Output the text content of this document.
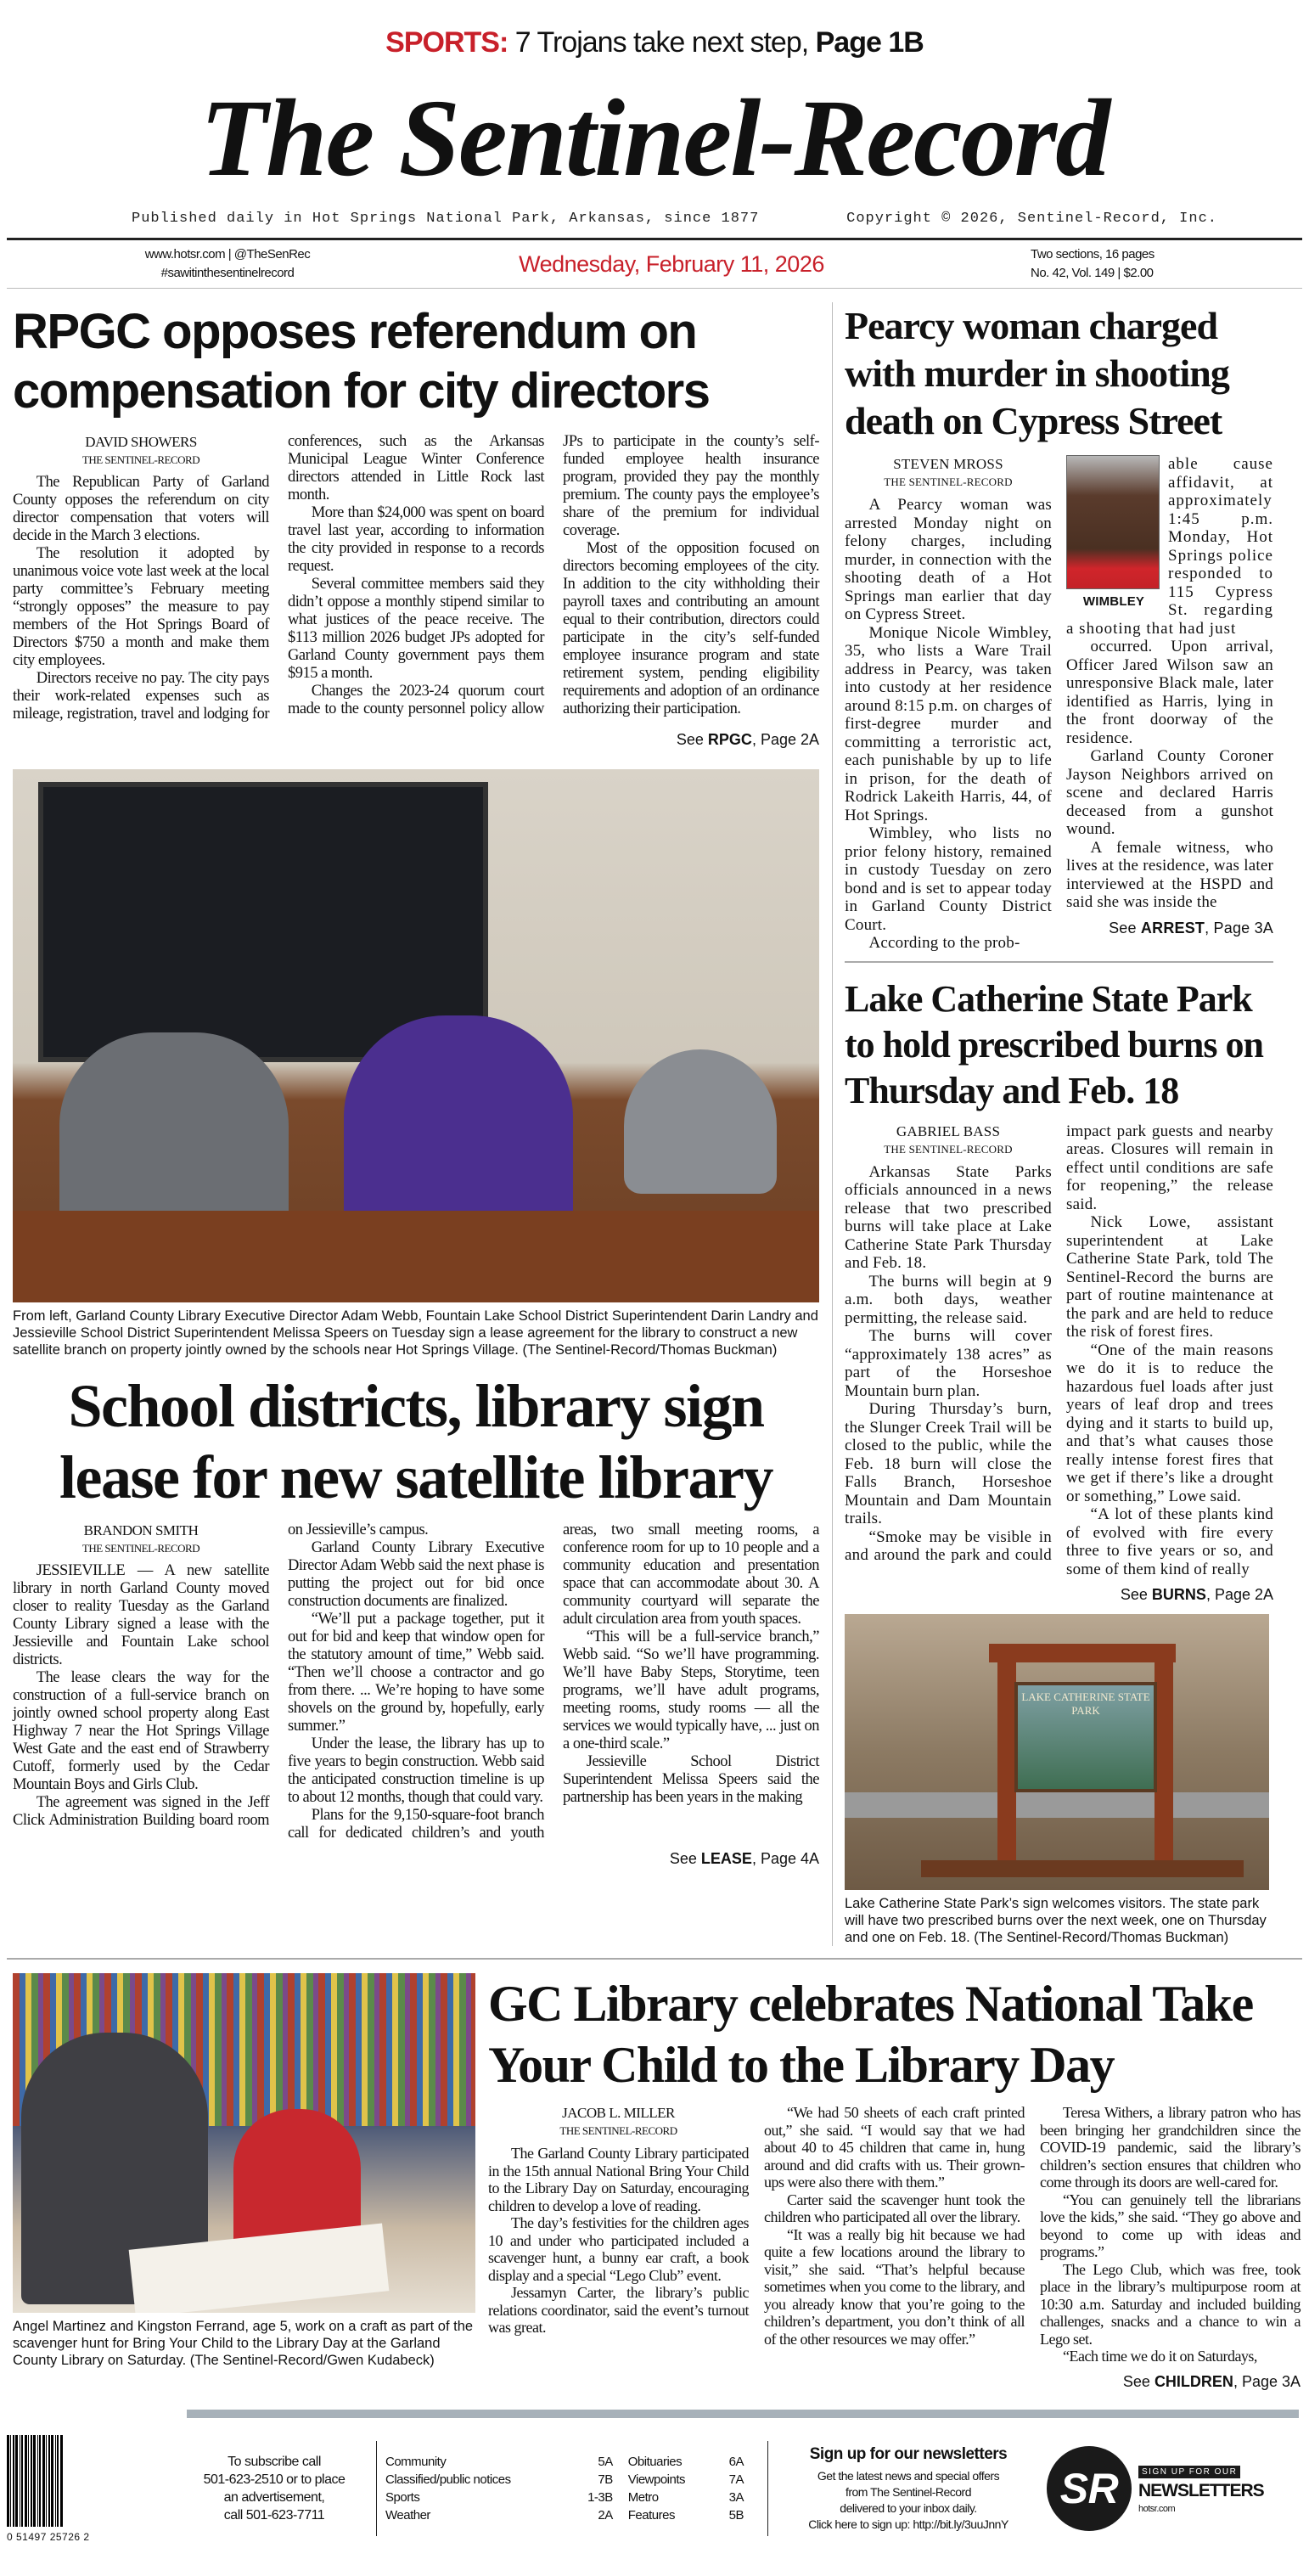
SPORTS: 7 Trojans take next step, Page 1B
The Sentinel-Record
Published daily in Hot Springs National Park, Arkansas, since 1877	Copyright © 2026, Sentinel-Record, Inc.
www.hotsr.com | @TheSenRec
#sawitinthesentinelrecord	Wednesday, February 11, 2026	Two sections, 16 pages
No. 42, Vol. 149 | $2.00
RPGC opposes referendum on compensation for city directors
DAVID SHOWERS
THE SENTINEL-RECORD

The Republican Party of Garland County opposes the referendum on city director compensation that voters will decide in the March 3 elections.

The resolution it adopted by unanimous voice vote last week at the local party committee’s February meeting “strongly opposes” the measure to pay members of the Hot Springs Board of Directors $750 a month and make them city employees.

Directors receive no pay. The city pays their work-related expenses such as mileage, registration, travel and lodging for conferences, such as the Arkansas Municipal League Winter Conference directors attended in Little Rock last month.

More than $24,000 was spent on board travel last year, according to information the city provided in response to a records request.

Several committee members said they didn’t oppose a monthly stipend similar to what justices of the peace receive. The $113 million 2026 budget JPs adopted for Garland County government pays them $915 a month.

Changes the 2023-24 quorum court made to the county personnel policy allow JPs to participate in the county’s self-funded employee health insurance program, provided they pay the monthly premium. The county pays the employee’s share of the premium for individual coverage.

Most of the opposition focused on directors becoming employees of the city. In addition to the city withholding their payroll taxes and contributing an amount equal to their contribution, directors could participate in the city’s self-funded employee insurance program and state retirement system, pending eligibility requirements and adoption of an ordinance authorizing their participation.

See RPGC, Page 2A
From left, Garland County Library Executive Director Adam Webb, Fountain Lake School District Superintendent Darin Landry and Jessieville School District Superintendent Melissa Speers on Tuesday sign a lease agreement for the library to construct a new satellite branch on property jointly owned by the schools near Hot Springs Village. (The Sentinel-Record/Thomas Buckman)
School districts, library sign lease for new satellite library
BRANDON SMITH
THE SENTINEL-RECORD

JESSIEVILLE — A new satellite library in north Garland County moved closer to reality Tuesday as the Garland County Library signed a lease with the Jessieville and Fountain Lake school districts.

The lease clears the way for the construction of a full-service branch on jointly owned school property along East Highway 7 near the Hot Springs Village West Gate and the east end of Strawberry Cutoff, formerly used by the Cedar Mountain Boys and Girls Club.

The agreement was signed in the Jeff Click Administration Building board room on Jessieville’s campus.

Garland County Library Executive Director Adam Webb said the next phase is putting the project out for bid once construction documents are finalized.

“We’ll put a package together, put it out for bid and keep that window open for the statutory amount of time,” Webb said. “Then we’ll choose a contractor and go from there. ... We’re hoping to have some shovels on the ground by, hopefully, early summer.”

Under the lease, the library has up to five years to begin construction. Webb said the anticipated construction timeline is up to about 12 months, though that could vary.

Plans for the 9,150-square-foot branch call for dedicated children’s and youth areas, two small meeting rooms, a conference room for up to 10 people and a community education and presentation space that can accommodate about 30. A community courtyard will separate the adult circulation area from youth spaces.

“This will be a full-service branch,” Webb said. “So we’ll have programming. We’ll have Baby Steps, Storytime, teen programs, we’ll have adult programs, meeting rooms, study rooms — all the services we would typically have, ... just on a one-third scale.”

Jessieville School District Superintendent Melissa Speers said the partnership has been years in the making

See LEASE, Page 4A
Pearcy woman charged with murder in shooting death on Cypress Street
STEVEN MROSS
THE SENTINEL-RECORD

A Pearcy woman was arrested Monday night on felony charges, including murder, in connection with the shooting death of a Hot Springs man earlier that day on Cypress Street.

Monique Nicole Wimbley, 35, who lists a Ware Trail address in Pearcy, was taken into custody at her residence around 8:15 p.m. on charges of first-degree murder and committing a terroristic act, each punishable by up to life in prison, for the death of Rodrick Lakeith Harris, 44, of Hot Springs.

Wimbley, who lists no prior felony history, remained in custody Tuesday on zero bond and is set to appear today in Garland County District Court.

According to the prob-

WIMBLEY

able cause affidavit, at approximately 1:45 p.m. Monday, Hot Springs police responded to 115 Cypress St. regarding a shooting that had just

occurred. Upon arrival, Officer Jared Wilson saw an unresponsive Black male, later identified as Harris, lying in the front doorway of the residence.

Garland County Coroner Jayson Neighbors arrived on scene and declared Harris deceased from a gunshot wound.

A female witness, who lives at the residence, was later interviewed at the HSPD and said she was inside the

See ARREST, Page 3A
Lake Catherine State Park to hold prescribed burns on Thursday and Feb. 18
GABRIEL BASS
THE SENTINEL-RECORD

Arkansas State Parks officials announced in a news release that two prescribed burns will take place at Lake Catherine State Park Thursday and Feb. 18.

The burns will begin at 9 a.m. both days, weather permitting, the release said.

The burns will cover “approximately 138 acres” as part of the Horseshoe Mountain burn plan.

During Thursday’s burn, the Slunger Creek Trail will be closed to the public, while the Feb. 18 burn will close the Falls Branch, Horseshoe Mountain and Dam Mountain trails.

“Smoke may be visible in and around the park and could impact park guests and nearby areas. Closures will remain in effect until conditions are safe for reopening,” the release said.

Nick Lowe, assistant superintendent at Lake Catherine State Park, told The Sentinel-Record the burns are part of routine maintenance at the park and are held to reduce the risk of forest fires.

“One of the main reasons we do it is to reduce the hazardous fuel loads after just years of leaf drop and trees dying and it starts to build up, and that’s what causes those really intense forest fires that we get if there’s like a drought or something,” Lowe said.

“A lot of these plants kind of evolved with fire every three to five years or so, and some of them kind of really

See BURNS, Page 2A
LAKE CATHERINE STATE PARK
Lake Catherine State Park’s sign welcomes visitors. The state park will have two prescribed burns over the next week, one on Thursday and one on Feb. 18. (The Sentinel-Record/Thomas Buckman)
Angel Martinez and Kingston Ferrand, age 5, work on a craft as part of the scavenger hunt for Bring Your Child to the Library Day at the Garland County Library on Saturday. (The Sentinel-Record/Gwen Kudabeck)
GC Library celebrates National Take Your Child to the Library Day
JACOB L. MILLER
THE SENTINEL-RECORD

The Garland County Library participated in the 15th annual National Bring Your Child to the Library Day on Saturday, encouraging children to develop a love of reading.

The day’s festivities for the children ages 10 and under who participated included a scavenger hunt, a bunny ear craft, a book display and a special “Lego Club” event.

Jessamyn Carter, the library’s public relations coordinator, said the event’s turnout was great.

“We had 50 sheets of each craft printed out,” she said. “I would say that we had about 40 to 45 children that came in, hung around and did crafts with us. Their grown-ups were also there with them.”

Carter said the scavenger hunt took the children who participated all over the library.

“It was a really big hit because we had quite a few locations around the library to visit,” she said. “That’s helpful because sometimes when you come to the library, and you already know that you’re going to the children’s department, you don’t think of all of the other resources we may offer.”

Teresa Withers, a library patron who has been bringing her grandchildren since the COVID-19 pandemic, said the library’s children’s section ensures that children who come through its doors are well-cared for.

“You can genuinely tell the librarians love the kids,” she said. “They go above and beyond to come up with ideas and programs.”

The Lego Club, which was free, took place in the library’s multipurpose room at 10:30 a.m. Saturday and included building challenges, snacks and a chance to win a Lego set.

“Each time we do it on Saturdays,

See CHILDREN, Page 3A
0 51497 25726 2
To subscribe call
501-623-2510 or to place
an advertisement,
call 501-623-7711
Community	5A	Obituaries	6A
Classified/public notices	7B	Viewpoints	7A
Sports	1-3B	Metro	3A
Weather	2A	Features	5B
Sign up for our newsletters
Get the latest news and special offers
from The Sentinel-Record
delivered to your inbox daily.
Click here to sign up: http://bit.ly/3uuJnnY
SR	SIGN UP FOR OUR
NEWSLETTERS
hotsr.com
